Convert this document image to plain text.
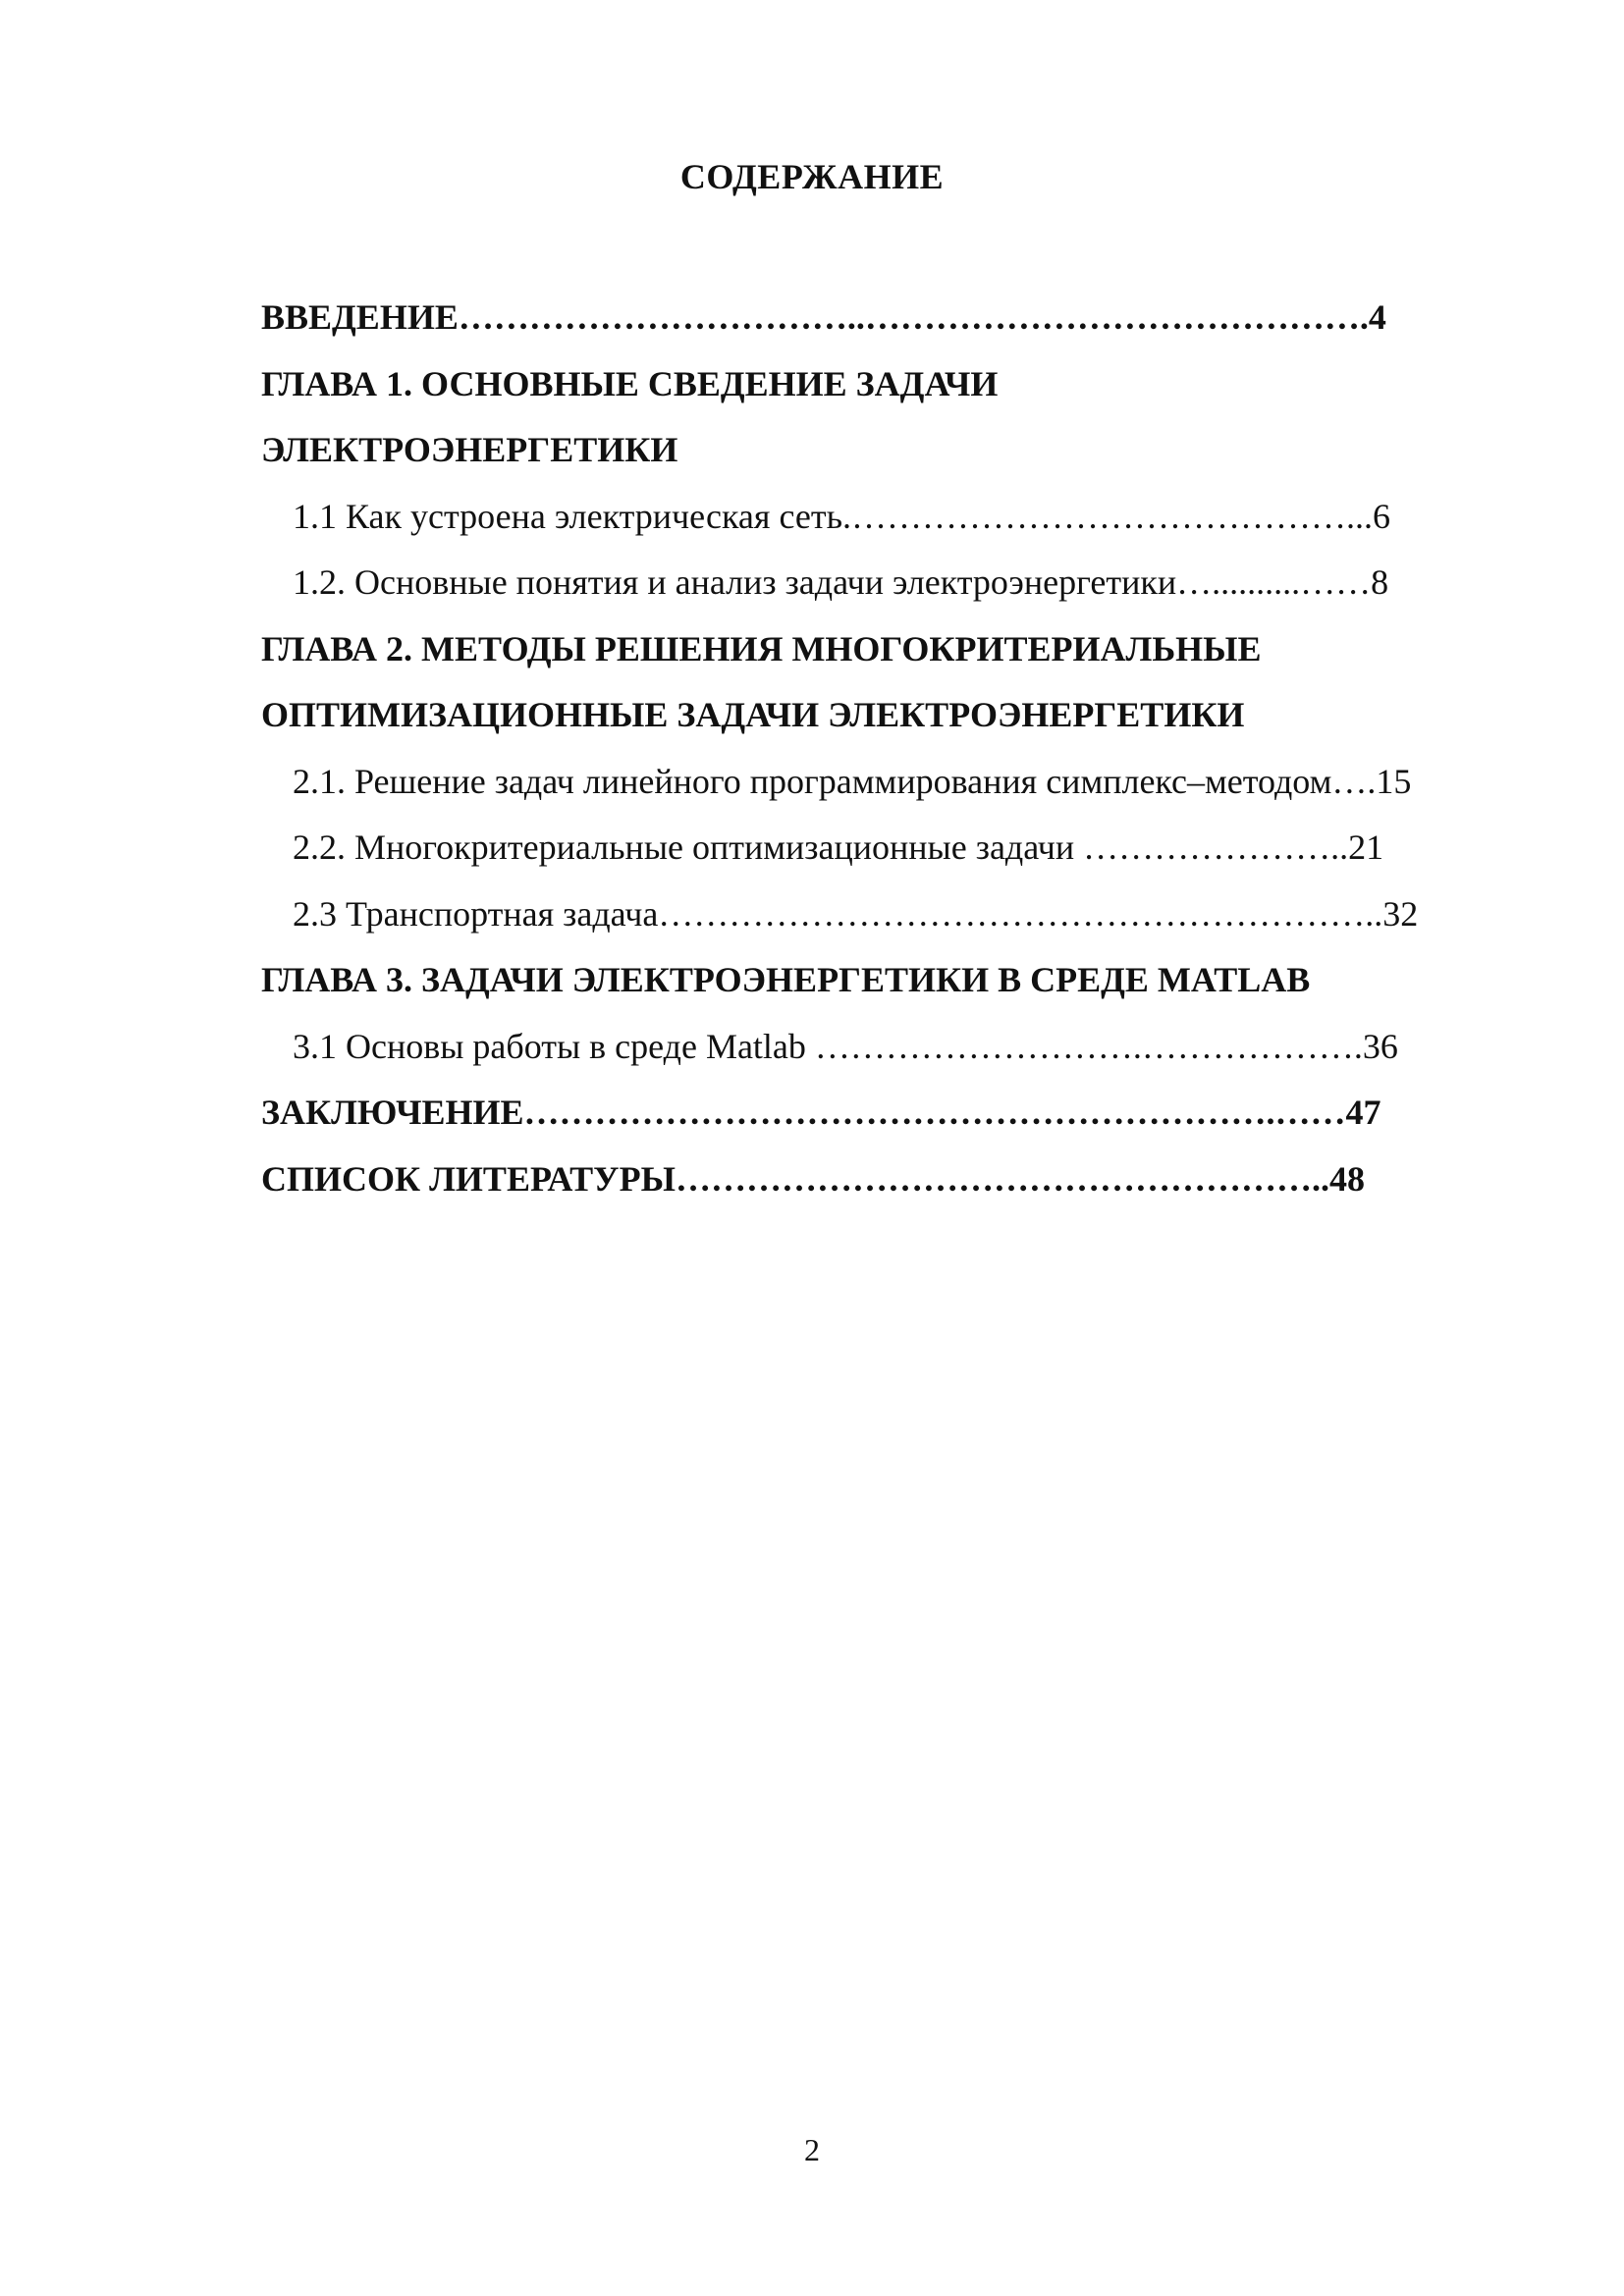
СОДЕРЖАНИЕ
ВВЕДЕНИЕ……………………………..…………………………………….4
ГЛАВА 1. ОСНОВНЫЕ СВЕДЕНИЕ ЗАДАЧИ
ЭЛЕКТРОЭНЕРГЕТИКИ
1.1 Как устроена электрическая сеть.……………………………………...6
1.2. Основные понятия и анализ задачи электроэнергетики…..........……8
ГЛАВА 2. МЕТОДЫ РЕШЕНИЯ МНОГОКРИТЕРИАЛЬНЫЕ
ОПТИМИЗАЦИОННЫЕ ЗАДАЧИ ЭЛЕКТРОЭНЕРГЕТИКИ
2.1. Решение задач линейного программирования симплекс–методом….15
2.2. Многокритериальные оптимизационные задачи …………………..21
2.3 Транспортная задача……………………………………………………..32
ГЛАВА 3. ЗАДАЧИ ЭЛЕКТРОЭНЕРГЕТИКИ В СРЕДЕ MATLAB
3.1 Основы работы в среде Matlab ……………………….……………….36
ЗАКЛЮЧЕНИЕ……………………………………………………….……47
СПИСОК ЛИТЕРАТУРЫ………………………………………………..48
2
